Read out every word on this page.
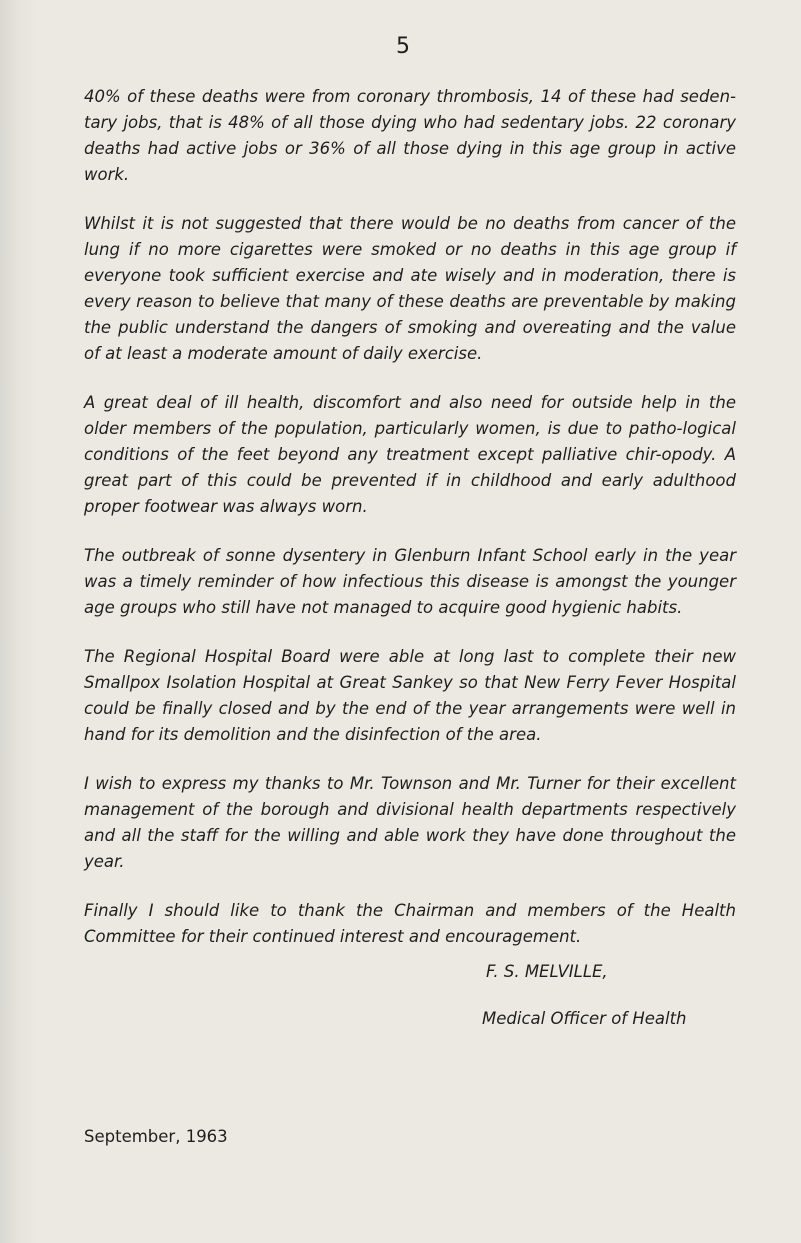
5

40% of these deaths were from coronary thrombosis, 14 of these had seden-tary jobs, that is 48% of all those dying who had sedentary jobs. 22 coronary deaths had active jobs or 36% of all those dying in this age group in active work.

Whilst it is not suggested that there would be no deaths from cancer of the lung if no more cigarettes were smoked or no deaths in this age group if everyone took sufficient exercise and ate wisely and in moderation, there is every reason to believe that many of these deaths are preventable by making the public understand the dangers of smoking and overeating and the value of at least a moderate amount of daily exercise.

A great deal of ill health, discomfort and also need for outside help in the older members of the population, particularly women, is due to patho-logical conditions of the feet beyond any treatment except palliative chir-opody. A great part of this could be prevented if in childhood and early adulthood proper footwear was always worn.

The outbreak of sonne dysentery in Glenburn Infant School early in the year was a timely reminder of how infectious this disease is amongst the younger age groups who still have not managed to acquire good hygienic habits.

The Regional Hospital Board were able at long last to complete their new Smallpox Isolation Hospital at Great Sankey so that New Ferry Fever Hospital could be finally closed and by the end of the year arrangements were well in hand for its demolition and the disinfection of the area.

I wish to express my thanks to Mr. Townson and Mr. Turner for their excellent management of the borough and divisional health departments respectively and all the staff for the willing and able work they have done throughout the year.

Finally I should like to thank the Chairman and members of the Health Committee for their continued interest and encouragement.

F. S. MELVILLE,

Medical Officer of Health

September, 1963
